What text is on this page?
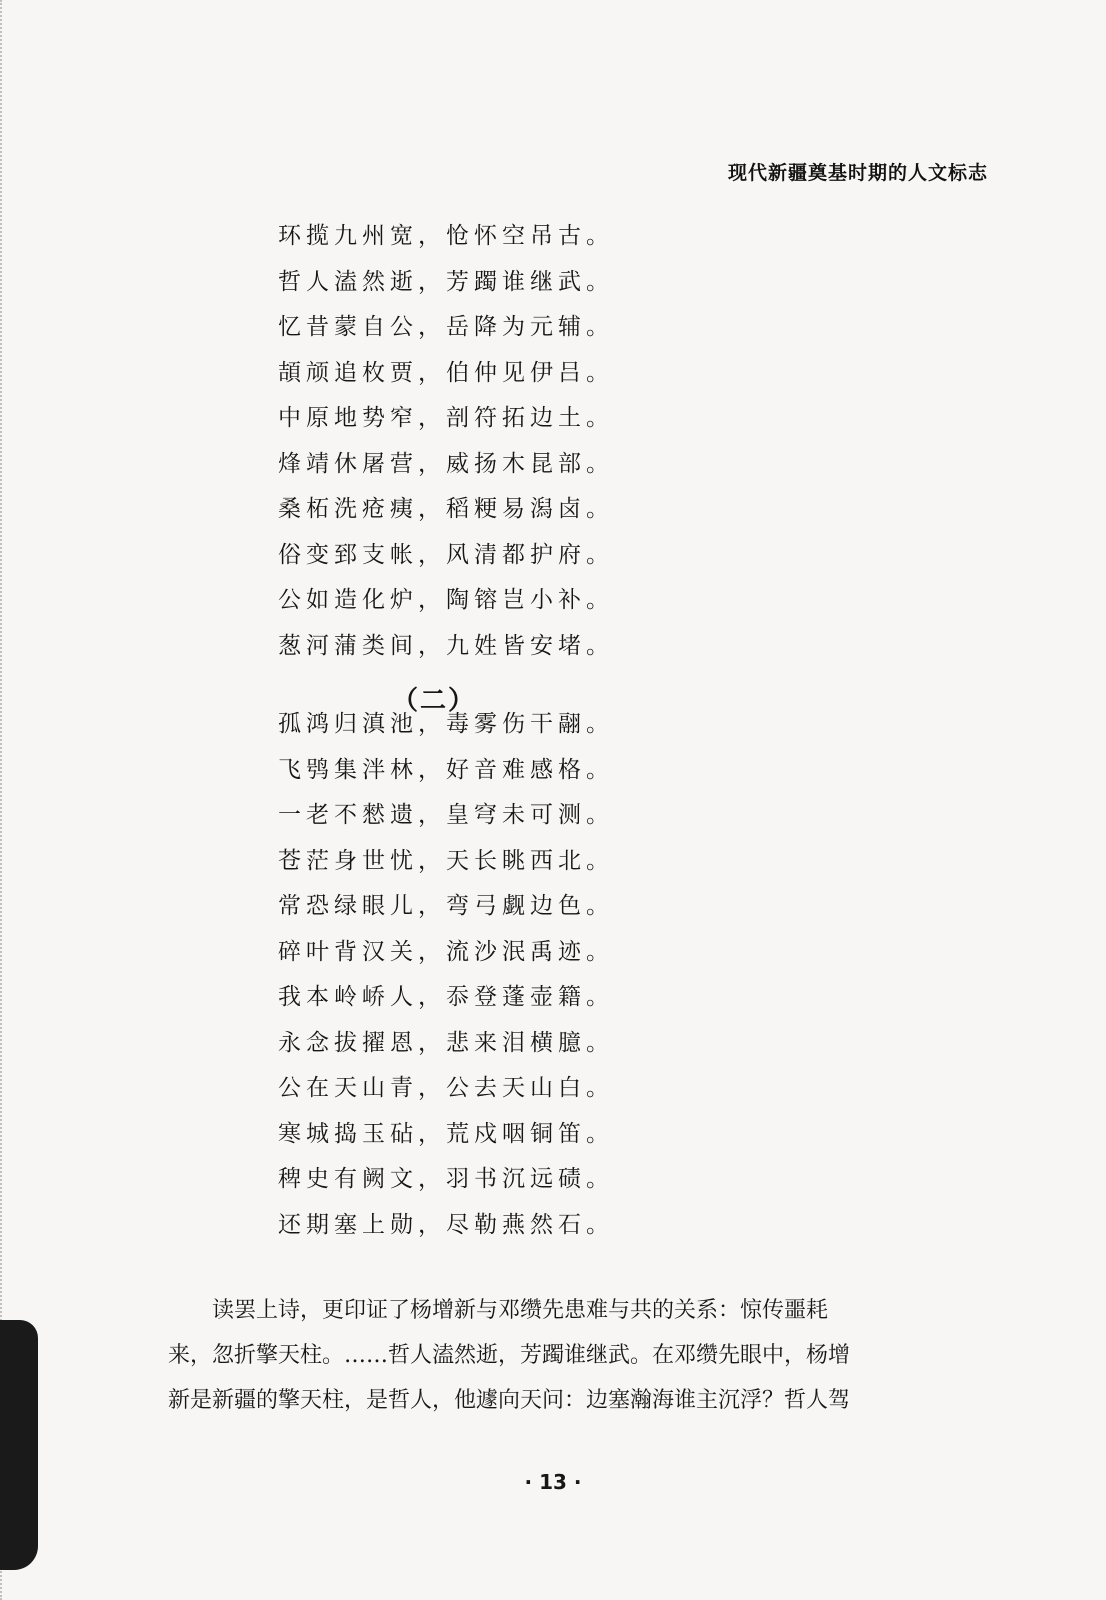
现代新疆奠基时期的人文标志
环揽九州宽，怆怀空吊古。
哲人溘然逝，芳躅谁继武。
忆昔蒙自公，岳降为元辅。
頡颃追枚贾，伯仲见伊吕。
中原地势窄，剖符拓边土。
烽靖休屠营，威扬木昆部。
桑柘洗疮痍，稻粳易潟卤。
俗变郅支帐，风清都护府。
公如造化炉，陶镕岂小补。
葱河蒲类间，九姓皆安堵。
（二）
孤鸿归滇池，毒雾伤干翮。
飞鸮集泮林，好音难感格。
一老不憖遗，皇穹未可测。
苍茫身世忧，天长眺西北。
常恐绿眼儿，弯弓觑边色。
碎叶背汉关，流沙泯禹迹。
我本岭峤人，忝登蓬壶籍。
永念拔擢恩，悲来泪横臆。
公在天山青，公去天山白。
寒城捣玉砧，荒戍咽铜笛。
稗史有阙文，羽书沉远碛。
还期塞上勋，尽勒燕然石。
读罢上诗，更印证了杨增新与邓缵先患难与共的关系：惊传噩耗
来，忽折擎天柱。……哲人溘然逝，芳躅谁继武。在邓缵先眼中，杨增
新是新疆的擎天柱，是哲人，他遽向天问：边塞瀚海谁主沉浮？哲人驾
· 13 ·
